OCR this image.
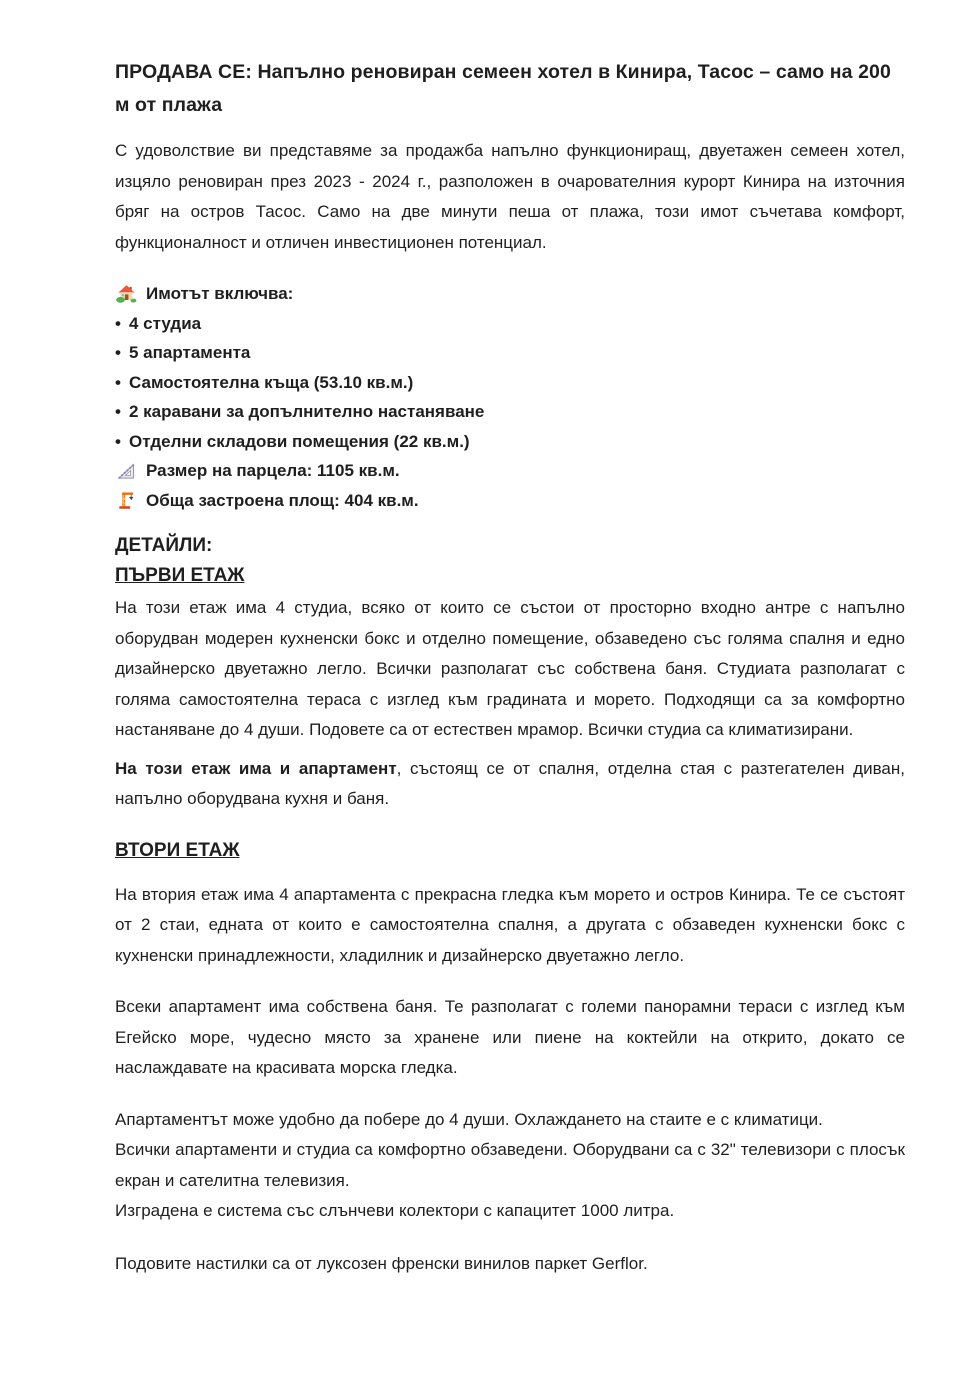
ПРОДАВА СЕ: Напълно реновиран семеен хотел в Кинира, Тасос – само на 200 м от плажа

С удоволствие ви представяме за продажба напълно функциониращ, двуетажен семеен хотел, изцяло реновиран през 2023 - 2024 г., разположен в очарователния курорт Кинира на източния бряг на остров Тасос. Само на две минути пеша от плажа, този имот съчетава комфорт, функционалност и отличен инвестиционен потенциал.

Имотът включва:
• 4 студиа
• 5 апартамента
• Самостоятелна къща (53.10 кв.м.)
• 2 каравани за допълнително настаняване
• Отделни складови помещения (22 кв.м.)
Размер на парцела: 1105 кв.м.
Обща застроена площ: 404 кв.м.
ДЕТАЙЛИ:
ПЪРВИ ЕТАЖ

На този етаж има 4 студиа, всяко от които се състои от просторно входно антре с напълно оборудван модерен кухненски бокс и отделно помещение, обзаведено със голяма спалня и едно дизайнерско двуетажно легло. Всички разполагат със собствена баня. Студиата разполагат с голяма самостоятелна тераса с изглед към градината и морето. Подходящи са за комфортно настаняване до 4 души. Подовете са от естествен мрамор. Всички студиа са климатизирани.

На този етаж има и апартамент, състоящ се от спалня, отделна стая с разтегателен диван, напълно оборудвана кухня и баня.

ВТОРИ ЕТАЖ

На втория етаж има 4 апартамента с прекрасна гледка към морето и остров Кинира. Те се състоят от 2 стаи, едната от които е самостоятелна спалня, а другата с обзаведен кухненски бокс с кухненски принадлежности, хладилник и дизайнерско двуетажно легло.

Всеки апартамент има собствена баня. Те разполагат с големи панорамни тераси с изглед към Егейско море, чудесно място за хранене или пиене на коктейли на открито, докато се наслаждавате на красивата морска гледка.

Апартаментът може удобно да побере до 4 души. Охлаждането на стаите е с климатици.

Всички апартаменти и студиа са комфортно обзаведени. Оборудвани са с 32" телевизори с плосък екран и сателитна телевизия.

Изградена е система със слънчеви колектори с капацитет 1000 литра.

Подовите настилки са от луксозен френски винилов паркет Gerflor.
